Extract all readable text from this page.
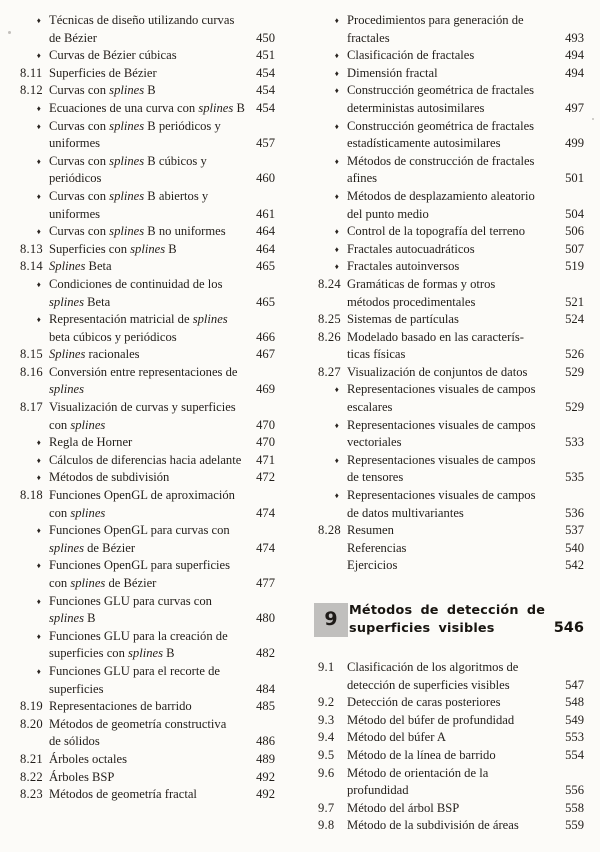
♦ Técnicas de diseño utilizando curvas
de Bézier	450
♦ Curvas de Bézier cúbicas	451
8.11 Superficies de Bézier	454
8.12 Curvas con splines B	454
♦ Ecuaciones de una curva con splines B 454
♦ Curvas con splines B periódicos y
uniformes	457
♦ Curvas con splines B cúbicos y
periódicos	460
♦ Curvas con splines B abiertos y
uniformes	461
♦ Curvas con splines B no uniformes	464
8.13 Superficies con splines B	464
8.14 Splines Beta	465
♦ Condiciones de continuidad de los
splines Beta	465
♦ Representación matricial de splines
beta cúbicos y periódicos	466
8.15 Splines racionales	467
8.16 Conversión entre representaciones de
splines	469
8.17 Visualización de curvas y superficies
con splines	470
♦ Regla de Horner	470
♦ Cálculos de diferencias hacia adelante	471
♦ Métodos de subdivisión	472
8.18 Funciones OpenGL de aproximación
con splines	474
♦ Funciones OpenGL para curvas con
splines de Bézier	474
♦ Funciones OpenGL para superficies
con splines de Bézier	477
♦ Funciones GLU para curvas con
splines B	480
♦ Funciones GLU para la creación de
superficies con splines B	482
♦ Funciones GLU para el recorte de
superficies	484
8.19 Representaciones de barrido	485
8.20 Métodos de geometría constructiva
de sólidos	486
8.21 Árboles octales	489
8.22 Árboles BSP	492
8.23 Métodos de geometría fractal	492
♦ Procedimientos para generación de
fractales	493
♦ Clasificación de fractales	494
♦ Dimensión fractal	494
♦ Construcción geométrica de fractales
deterministas autosimilares	497
♦ Construcción geométrica de fractales
estadísticamente autosimilares	499
♦ Métodos de construcción de fractales
afines	501
♦ Métodos de desplazamiento aleatorio
del punto medio	504
♦ Control de la topografía del terreno	506
♦ Fractales autocuadráticos	507
♦ Fractales autoinversos	519
8.24 Gramáticas de formas y otros
métodos procedimentales	521
8.25 Sistemas de partículas	524
8.26 Modelado basado en las caracterís-
ticas físicas	526
8.27 Visualización de conjuntos de datos	529
♦ Representaciones visuales de campos
escalares	529
♦ Representaciones visuales de campos
vectoriales	533
♦ Representaciones visuales de campos
de tensores	535
♦ Representaciones visuales de campos
de datos multivariantes	536
8.28 Resumen	537
Referencias	540
Ejercicios	542
9 Métodos de detección de
superficies visibles	546
9.1	Clasificación de los algoritmos de
detección de superficies visibles	547
9.2	Detección de caras posteriores	548
9.3	Método del búfer de profundidad	549
9.4	Método del búfer A	553
9.5	Método de la línea de barrido	554
9.6	Método de orientación de la
profundidad	556
9.7	Método del árbol BSP	558
9.8	Método de la subdivisión de áreas	559
